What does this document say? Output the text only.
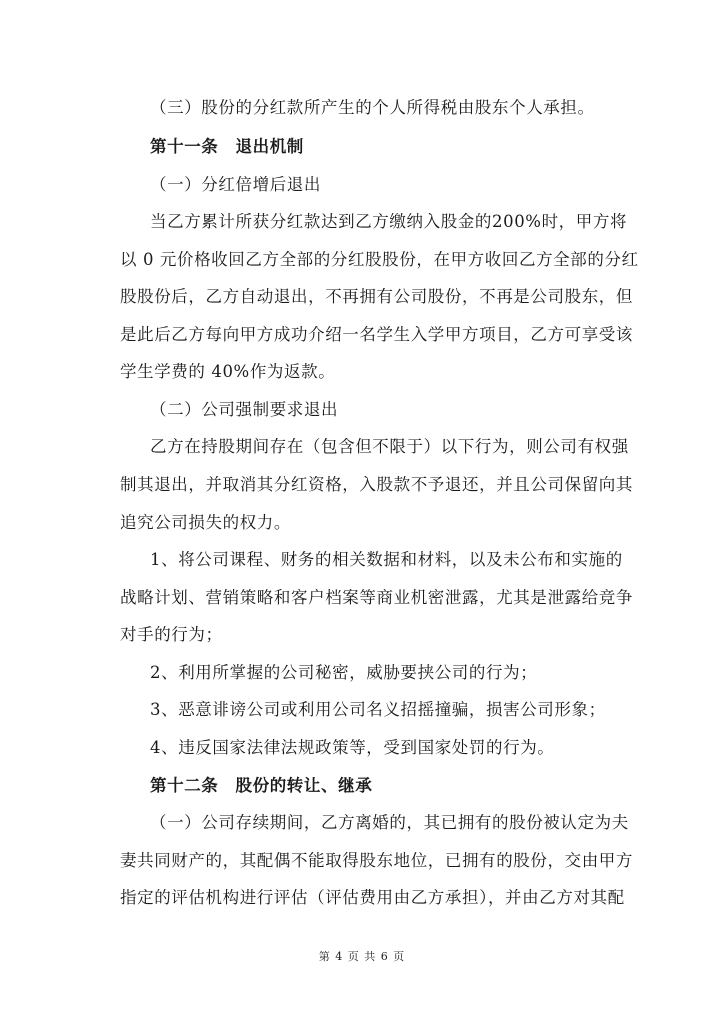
（三）股份的分红款所产生的个人所得税由股东个人承担。
第十一条　退出机制
（一）分红倍增后退出
当乙方累计所获分红款达到乙方缴纳入股金的200%时，甲方将
以 0 元价格收回乙方全部的分红股股份，在甲方收回乙方全部的分红
股股份后，乙方自动退出，不再拥有公司股份，不再是公司股东，但
是此后乙方每向甲方成功介绍一名学生入学甲方项目，乙方可享受该
学生学费的 40%作为返款。
（二）公司强制要求退出
乙方在持股期间存在（包含但不限于）以下行为，则公司有权强
制其退出，并取消其分红资格，入股款不予退还，并且公司保留向其
追究公司损失的权力。
1、将公司课程、财务的相关数据和材料，以及未公布和实施的
战略计划、营销策略和客户档案等商业机密泄露，尤其是泄露给竞争
对手的行为；
2、利用所掌握的公司秘密，威胁要挟公司的行为；
3、恶意诽谤公司或利用公司名义招摇撞骗，损害公司形象；
4、违反国家法律法规政策等，受到国家处罚的行为。
第十二条　股份的转让、继承
（一）公司存续期间，乙方离婚的，其已拥有的股份被认定为夫
妻共同财产的，其配偶不能取得股东地位，已拥有的股份，交由甲方
指定的评估机构进行评估（评估费用由乙方承担），并由乙方对其配
第 4 页 共 6 页
